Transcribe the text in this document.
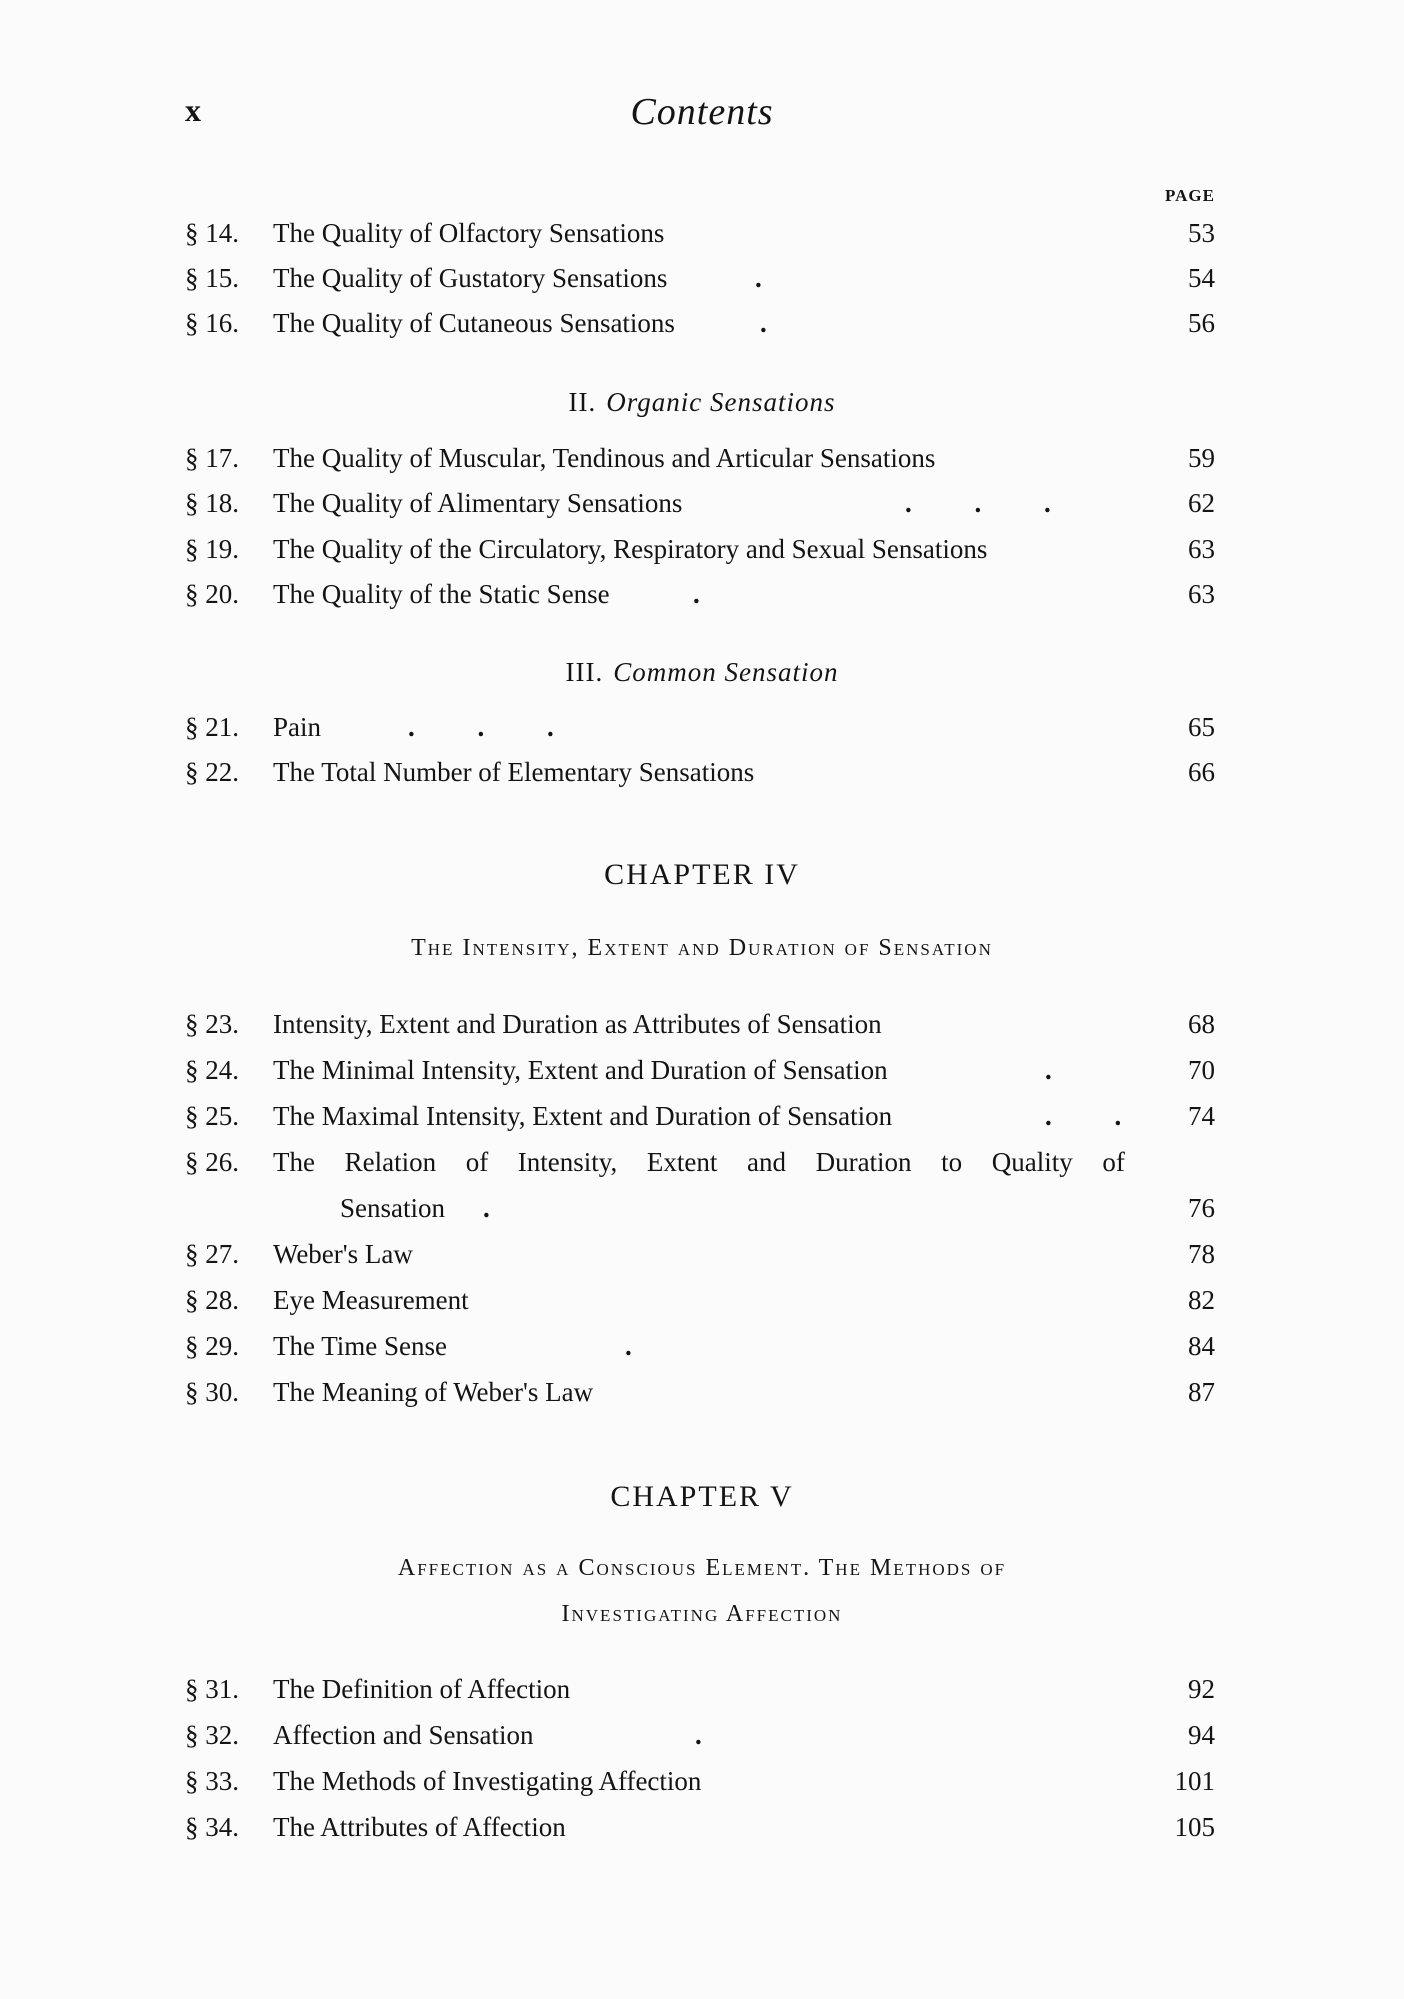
x	Contents
PAGE
§ 14. The Quality of Olfactory Sensations	53
§ 15. The Quality of Gustatory Sensations	.	54
§ 16. The Quality of Cutaneous Sensations	.	56
II. Organic Sensations
§ 17. The Quality of Muscular, Tendinous and Articular Sensations	59
§ 18. The Quality of Alimentary Sensations	. . .	62
§ 19. The Quality of the Circulatory, Respiratory and Sexual Sensations	63
§ 20. The Quality of the Static Sense	.	63
III. Common Sensation
§ 21. Pain	. . .	65
§ 22. The Total Number of Elementary Sensations	66
CHAPTER IV
The Intensity, Extent and Duration of Sensation
§ 23. Intensity, Extent and Duration as Attributes of Sensation	68
§ 24. The Minimal Intensity, Extent and Duration of Sensation	.	70
§ 25. The Maximal Intensity, Extent and Duration of Sensation	. .	74
§ 26. The Relation of Intensity, Extent and Duration to Quality of
Sensation .	76
§ 27. Weber's Law	78
§ 28. Eye Measurement	82
§ 29. The Time Sense	.	84
§ 30. The Meaning of Weber's Law	87
CHAPTER V
Affection as a Conscious Element. The Methods of
Investigating Affection
§ 31. The Definition of Affection	92
§ 32. Affection and Sensation	.	94
§ 33. The Methods of Investigating Affection	101
§ 34. The Attributes of Affection	105
